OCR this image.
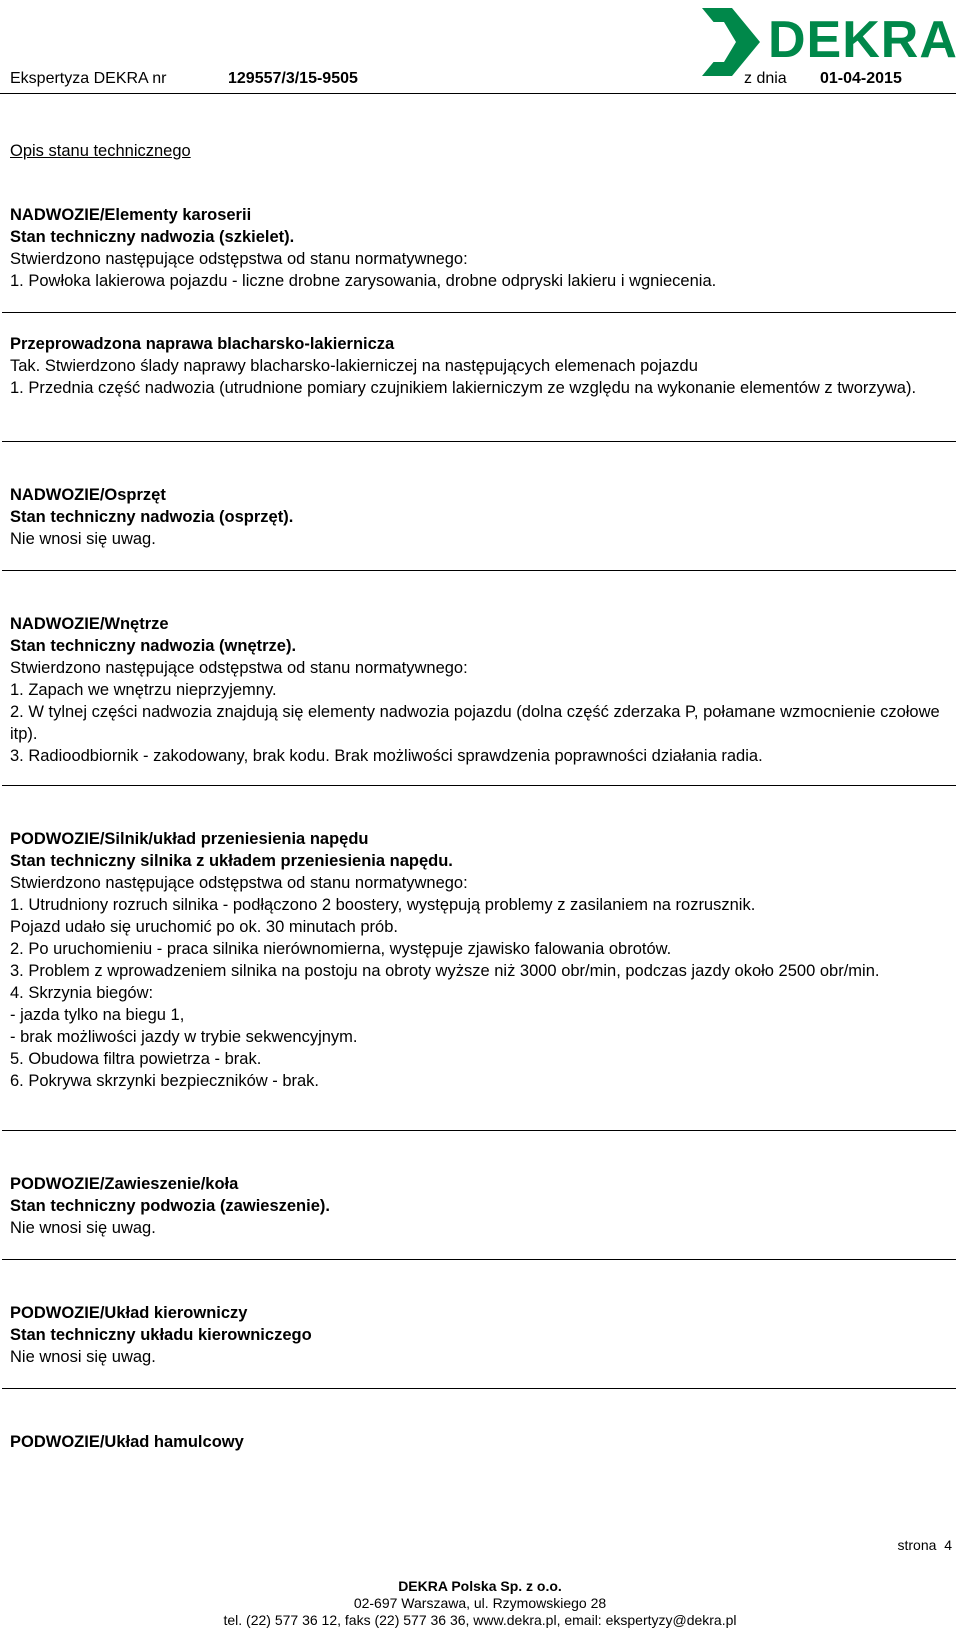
DEKRA
Ekspertyza DEKRA nr	129557/3/15-9505	z dnia 01-04-2015
Opis stanu technicznego
NADWOZIE/Elementy karoserii
Stan techniczny nadwozia (szkielet).
Stwierdzono następujące odstępstwa od stanu normatywnego:
1. Powłoka lakierowa pojazdu - liczne drobne zarysowania, drobne odpryski lakieru i wgniecenia.
Przeprowadzona naprawa blacharsko-lakiernicza
Tak. Stwierdzono ślady naprawy blacharsko-lakierniczej na następujących elemenach pojazdu
1. Przednia część nadwozia (utrudnione pomiary czujnikiem lakierniczym ze względu na wykonanie elementów z tworzywa).
NADWOZIE/Osprzęt
Stan techniczny nadwozia (osprzęt).
Nie wnosi się uwag.
NADWOZIE/Wnętrze
Stan techniczny nadwozia (wnętrze).
Stwierdzono następujące odstępstwa od stanu normatywnego:
1. Zapach we wnętrzu nieprzyjemny.
2. W tylnej części nadwozia znajdują się elementy nadwozia pojazdu (dolna część zderzaka P, połamane wzmocnienie czołowe itp).
3. Radioodbiornik - zakodowany, brak kodu. Brak możliwości sprawdzenia poprawności działania radia.
PODWOZIE/Silnik/układ przeniesienia napędu
Stan techniczny silnika z układem przeniesienia napędu.
Stwierdzono następujące odstępstwa od stanu normatywnego:
1. Utrudniony rozruch silnika - podłączono 2 boostery, występują problemy z zasilaniem na rozrusznik.
Pojazd udało się uruchomić po ok. 30 minutach prób.
2. Po uruchomieniu - praca silnika nierównomierna, występuje zjawisko falowania obrotów.
3. Problem z wprowadzeniem silnika na postoju na obroty wyższe niż 3000 obr/min, podczas jazdy około 2500 obr/min.
4. Skrzynia biegów:
- jazda tylko na biegu 1,
- brak możliwości jazdy w trybie sekwencyjnym.
5. Obudowa filtra powietrza - brak.
6. Pokrywa skrzynki bezpieczników - brak.
PODWOZIE/Zawieszenie/koła
Stan techniczny podwozia (zawieszenie).
Nie wnosi się uwag.
PODWOZIE/Układ kierowniczy
Stan techniczny układu kierowniczego
Nie wnosi się uwag.
PODWOZIE/Układ hamulcowy
strona 4
DEKRA Polska Sp. z o.o.
02-697 Warszawa, ul. Rzymowskiego 28
tel. (22) 577 36 12, faks (22) 577 36 36, www.dekra.pl, email: ekspertyzy@dekra.pl
